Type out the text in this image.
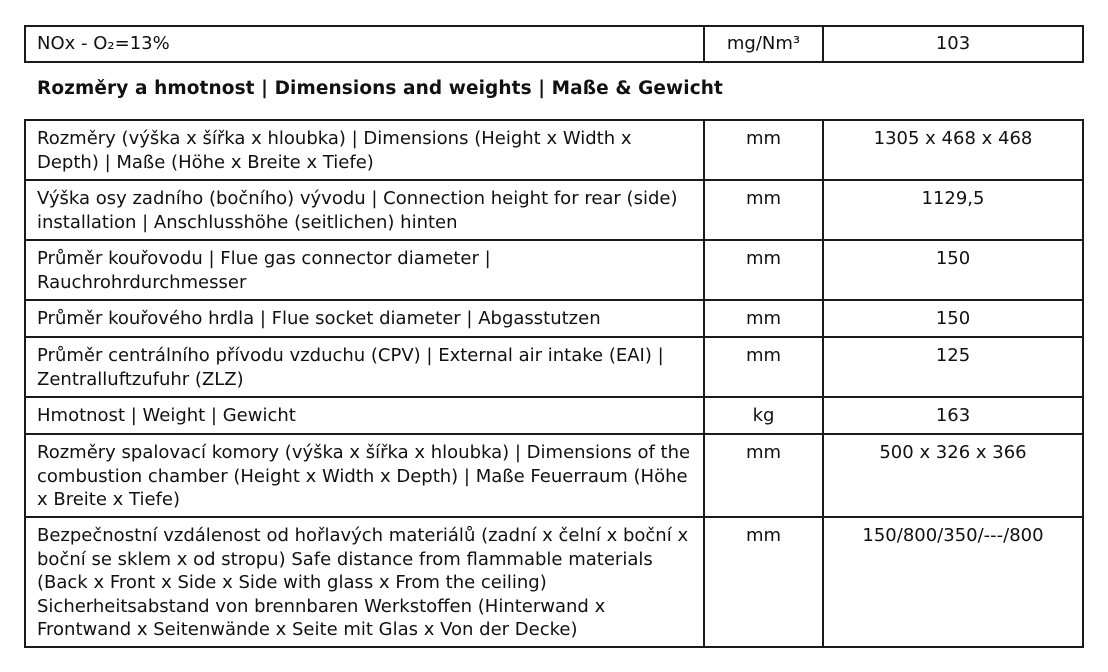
NOx - O₂=13%	mg/Nm³	103
Rozměry a hmotnost | Dimensions and weights | Maße & Gewicht
Rozměry (výška x šířka x hloubka) | Dimensions (Height x Width x Depth) | Maße (Höhe x Breite x Tiefe)	mm	1305 x 468 x 468
Výška osy zadního (bočního) vývodu | Connection height for rear (side) installation | Anschlusshöhe (seitlichen) hinten	mm	1129,5
Průměr kouřovodu | Flue gas connector diameter | Rauchrohrdurchmesser	mm	150
Průměr kouřového hrdla | Flue socket diameter | Abgasstutzen	mm	150
Průměr centrálního přívodu vzduchu (CPV) | External air intake (EAI) | Zentralluftzufuhr (ZLZ)	mm	125
Hmotnost | Weight | Gewicht	kg	163
Rozměry spalovací komory (výška x šířka x hloubka) | Dimensions of the combustion chamber (Height x Width x Depth) | Maße Feuerraum (Höhe x Breite x Tiefe)	mm	500 x 326 x 366
Bezpečnostní vzdálenost od hořlavých materiálů (zadní x čelní x boční x boční se sklem x od stropu) Safe distance from flammable materials (Back x Front x Side x Side with glass x From the ceiling) Sicherheitsabstand von brennbaren Werkstoffen (Hinterwand x Frontwand x Seitenwände x Seite mit Glas x Von der Decke)	mm	150/800/350/---/800
